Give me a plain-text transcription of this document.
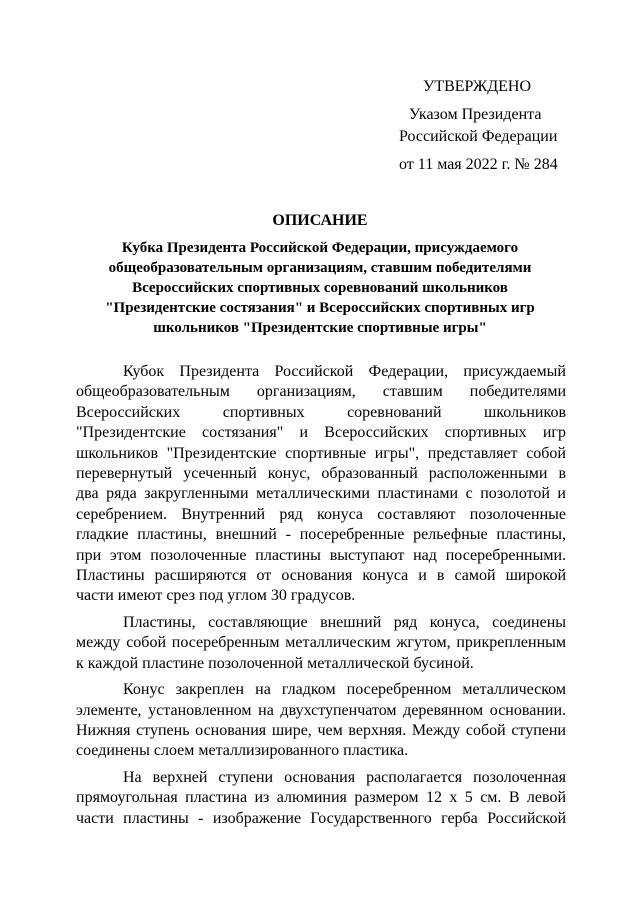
УТВЕРЖДЕНО
Указом Президента
Российской Федерации
от 11 мая 2022 г. № 284
ОПИСАНИЕ
Кубка Президента Российской Федерации, присуждаемого
общеобразовательным организациям, ставшим победителями
Всероссийских спортивных соревнований школьников
"Президентские состязания" и Всероссийских спортивных игр
школьников "Президентские спортивные игры"

Кубок Президента Российской Федерации, присуждаемый
общеобразовательным организациям, ставшим победителями
Всероссийских спортивных соревнований школьников
"Президентские состязания" и Всероссийских спортивных игр
школьников "Президентские спортивные игры", представляет собой
перевернутый усеченный конус, образованный расположенными в
два ряда закругленными металлическими пластинами с позолотой и
серебрением. Внутренний ряд конуса составляют позолоченные
гладкие пластины, внешний - посеребренные рельефные пластины,
при этом позолоченные пластины выступают над посеребренными.
Пластины расширяются от основания конуса и в самой широкой
части имеют срез под углом 30 градусов.

Пластины, составляющие внешний ряд конуса, соединены
между собой посеребренным металлическим жгутом, прикрепленным
к каждой пластине позолоченной металлической бусиной.

Конус закреплен на гладком посеребренном металлическом
элементе, установленном на двухступенчатом деревянном основании.
Нижняя ступень основания шире, чем верхняя. Между собой ступени
соединены слоем металлизированного пластика.

На верхней ступени основания располагается позолоченная
прямоугольная пластина из алюминия размером 12 x 5 см. В левой
части пластины - изображение Государственного герба Российской
